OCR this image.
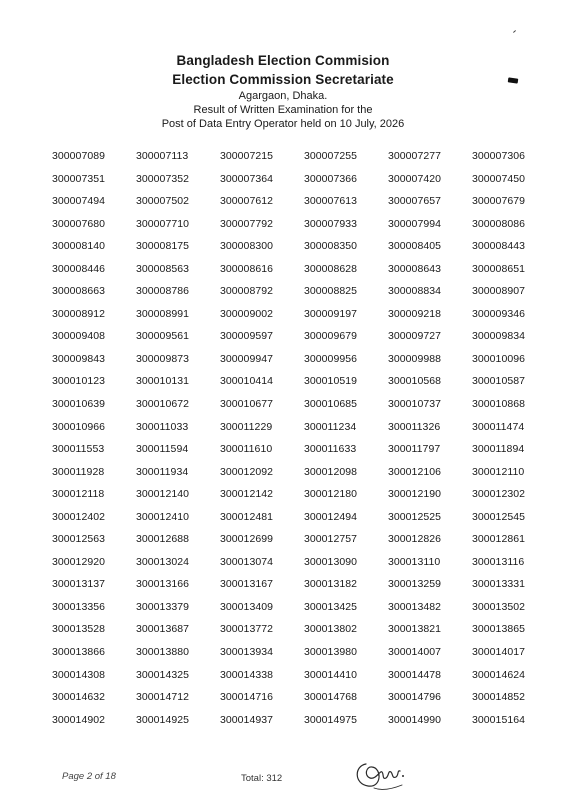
Bangladesh Election Commision
Election Commission Secretariate
Agargaon, Dhaka.
Result of Written Examination for the
Post of Data Entry Operator held on 10 July, 2026
300007089	300007113	300007215	300007255	300007277	300007306
300007351	300007352	300007364	300007366	300007420	300007450
300007494	300007502	300007612	300007613	300007657	300007679
300007680	300007710	300007792	300007933	300007994	300008086
300008140	300008175	300008300	300008350	300008405	300008443
300008446	300008563	300008616	300008628	300008643	300008651
300008663	300008786	300008792	300008825	300008834	300008907
300008912	300008991	300009002	300009197	300009218	300009346
300009408	300009561	300009597	300009679	300009727	300009834
300009843	300009873	300009947	300009956	300009988	300010096
300010123	300010131	300010414	300010519	300010568	300010587
300010639	300010672	300010677	300010685	300010737	300010868
300010966	300011033	300011229	300011234	300011326	300011474
300011553	300011594	300011610	300011633	300011797	300011894
300011928	300011934	300012092	300012098	300012106	300012110
300012118	300012140	300012142	300012180	300012190	300012302
300012402	300012410	300012481	300012494	300012525	300012545
300012563	300012688	300012699	300012757	300012826	300012861
300012920	300013024	300013074	300013090	300013110	300013116
300013137	300013166	300013167	300013182	300013259	300013331
300013356	300013379	300013409	300013425	300013482	300013502
300013528	300013687	300013772	300013802	300013821	300013865
300013866	300013880	300013934	300013980	300014007	300014017
300014308	300014325	300014338	300014410	300014478	300014624
300014632	300014712	300014716	300014768	300014796	300014852
300014902	300014925	300014937	300014975	300014990	300015164
Page 2 of 18	Total: 312
